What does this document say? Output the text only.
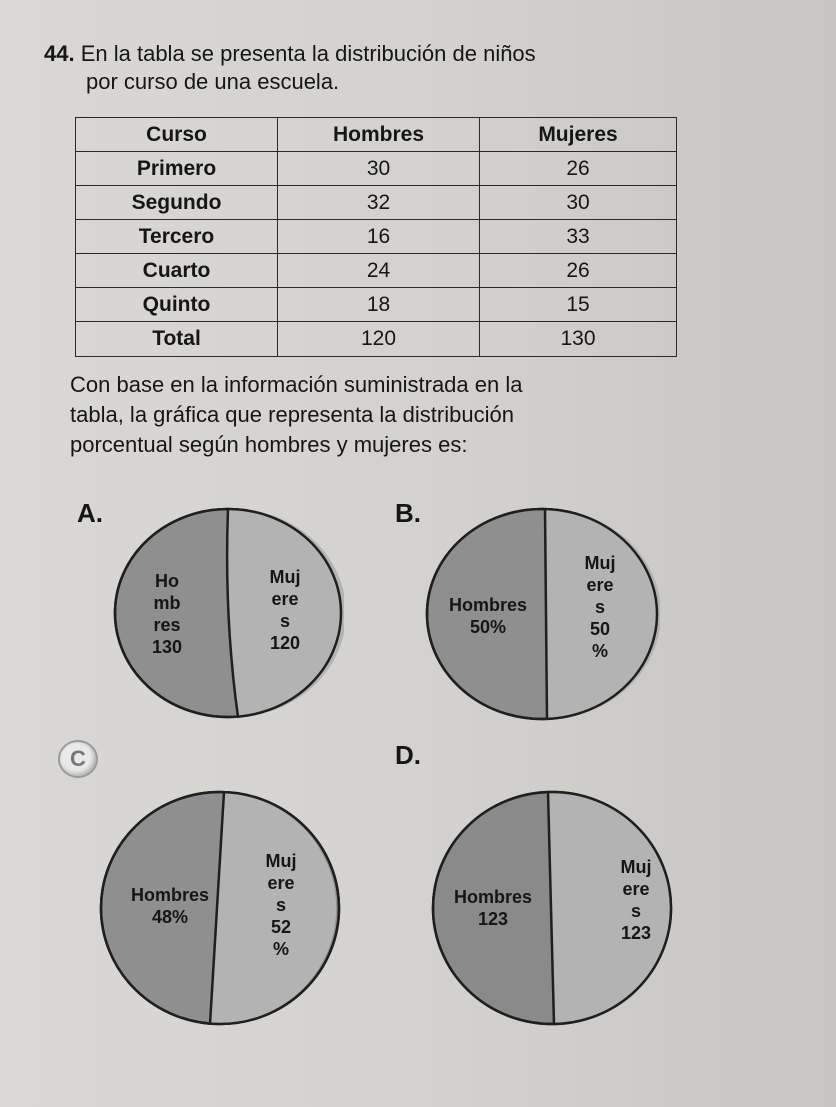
44. En la tabla se presenta la distribución de niños
por curso de una escuela.
Curso	Hombres	Mujeres
Primero	30	26
Segundo	32	30
Tercero	16	33
Cuarto	24	26
Quinto	18	15
Total	120	130
Con base en la información suministrada en la
tabla, la gráfica que representa la distribución
porcentual según hombres y mujeres es:
A.
Ho
mb
res
130
Muj
ere
s
120
B.
Hombres
50%
Muj
ere
s
50
%
C
Hombres
48%
Muj
ere
s
52
%
D.
Hombres
123
Muj
ere
s
123
